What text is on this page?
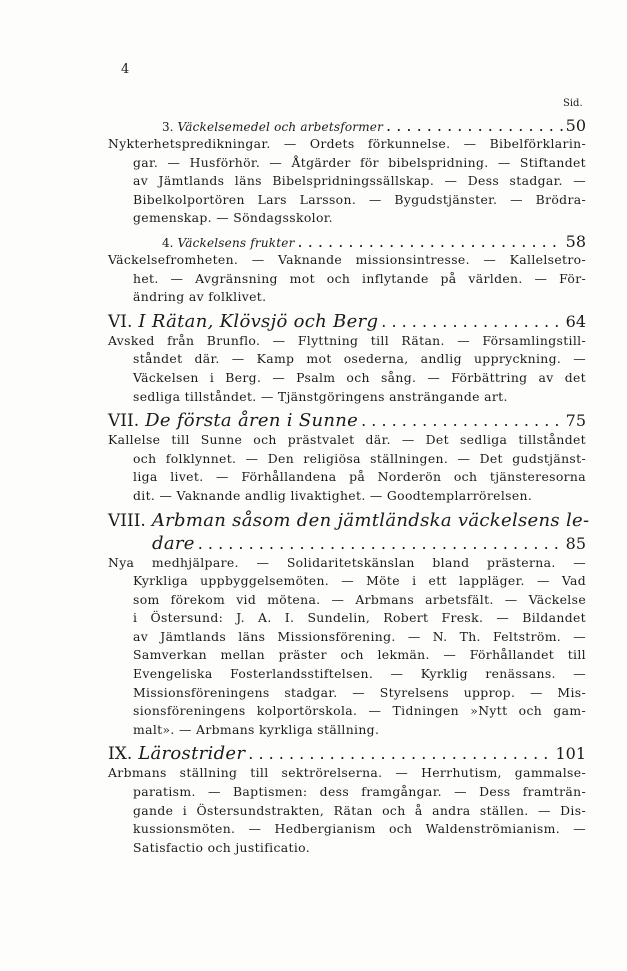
4
Sid.
3. Väckelsemedel och arbetsformer . . .	50
Nykterhetspredikningar. — Ordets förkunnelse. — Bibelförklarin-
gar. — Husförhör. — Åtgärder för bibelspridning. — Stiftandet
av Jämtlands läns Bibelspridningssällskap. — Dess stadgar. —
Bibelkolportören Lars Larsson. — Bygudstjänster. — Brödra-
gemenskap. — Söndagsskolor.
4. Väckelsens frukter . . .	58
Väckelsefromheten. — Vaknande missionsintresse. — Kallelsetro-
het. — Avgränsning mot och inflytande på världen. — För-
ändring av folklivet.
VI. I Rätan, Klövsjö och Berg . . .	64
Avsked från Brunflo. — Flyttning till Rätan. — Församlingstill-
ståndet där. — Kamp mot osederna, andlig uppryckning. —
Väckelsen i Berg. — Psalm och sång. — Förbättring av det
sedliga tillståndet. — Tjänstgöringens ansträngande art.
VII. De första åren i Sunne . . .	75
Kallelse till Sunne och prästvalet där. — Det sedliga tillståndet
och folklynnet. — Den religiösa ställningen. — Det gudstjänst-
liga livet. — Förhållandena på Norderön och tjänsteresorna
dit. — Vaknande andlig livaktighet. — Goodtemplarrörelsen.
VIII. Arbman såsom den jämtländska väckelsens le-
dare . . .	85
Nya medhjälpare. — Solidaritetskänslan bland prästerna. —
Kyrkliga uppbyggelsemöten. — Möte i ett lappläger. — Vad
som förekom vid mötena. — Arbmans arbetsfält. — Väckelse
i Östersund: J. A. I. Sundelin, Robert Fresk. — Bildandet
av Jämtlands läns Missionsförening. — N. Th. Feltström. —
Samverkan mellan präster och lekmän. — Förhållandet till
Evengeliska Fosterlandsstiftelsen. — Kyrklig renässans. —
Missionsföreningens stadgar. — Styrelsens upprop. — Mis-
sionsföreningens kolportörskola. — Tidningen »Nytt och gam-
malt». — Arbmans kyrkliga ställning.
IX. Lärostrider . . .	101
Arbmans ställning till sektrörelserna. — Herrhutism, gammalse-
paratism. — Baptismen: dess framgångar. — Dess framträn-
gande i Östersundstrakten, Rätan och å andra ställen. — Dis-
kussionsmöten. — Hedbergianism och Waldenströmianism. —
Satisfactio och justificatio.
